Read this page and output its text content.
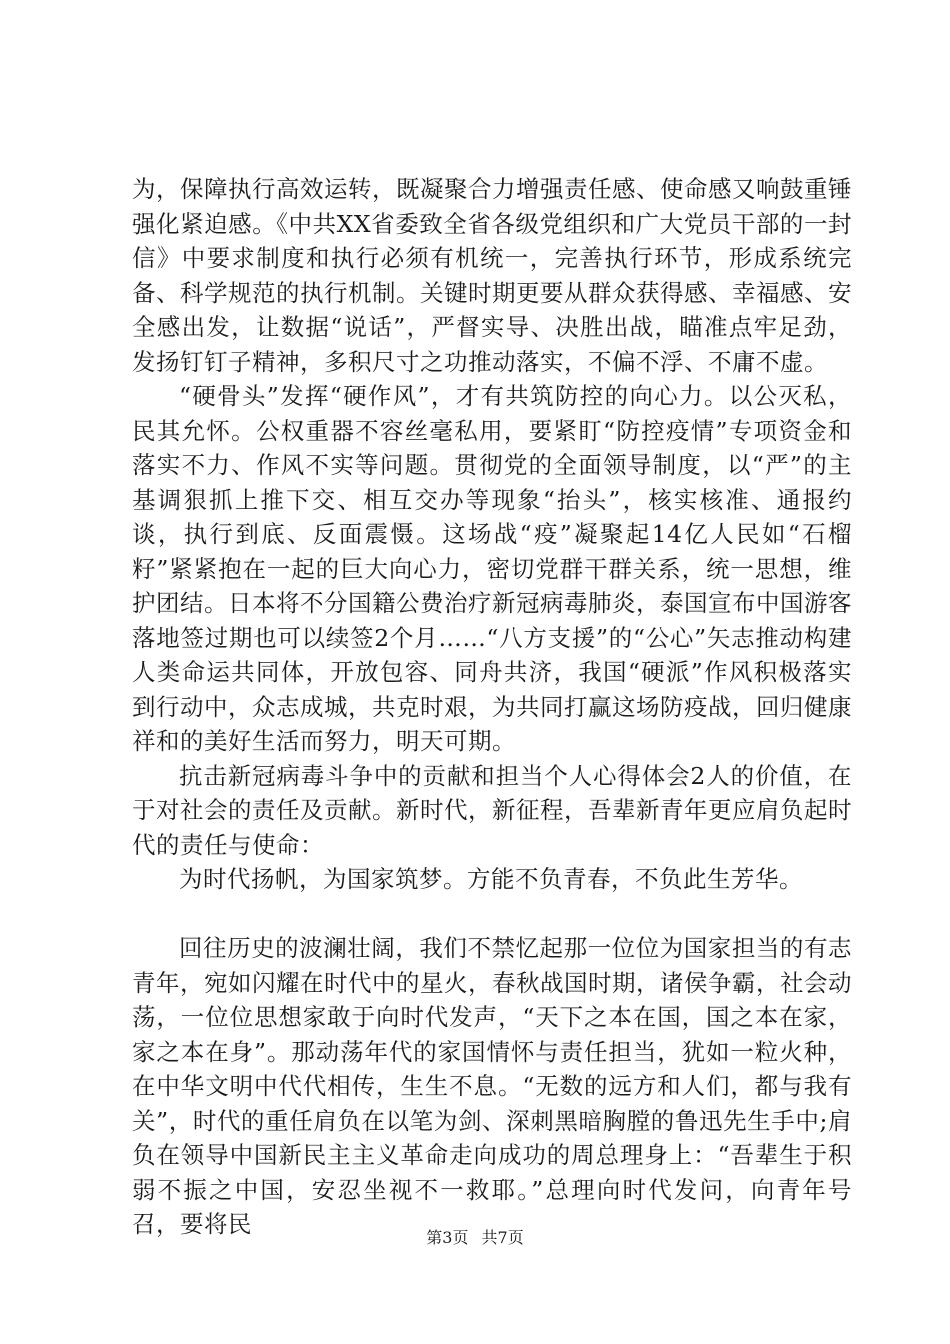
为，保障执行高效运转，既凝聚合力增强责任感、使命感又响鼓重锤强化紧迫感。《中共XX省委致全省各级党组织和广大党员干部的一封信》中要求制度和执行必须有机统一，完善执行环节，形成系统完备、科学规范的执行机制。关键时期更要从群众获得感、幸福感、安全感出发，让数据“说话”，严督实导、决胜出战，瞄准点牢足劲，发扬钉钉子精神，多积尺寸之功推动落实，不偏不浮、不庸不虚。

“硬骨头”发挥“硬作风”，才有共筑防控的向心力。以公灭私，民其允怀。公权重器不容丝毫私用，要紧盯“防控疫情”专项资金和落实不力、作风不实等问题。贯彻党的全面领导制度，以“严”的主基调狠抓上推下交、相互交办等现象“抬头”，核实核准、通报约谈，执行到底、反面震慑。这场战“疫”凝聚起14亿人民如“石榴籽”紧紧抱在一起的巨大向心力，密切党群干群关系，统一思想，维护团结。日本将不分国籍公费治疗新冠病毒肺炎，泰国宣布中国游客落地签过期也可以续签2个月……“八方支援”的“公心”矢志推动构建人类命运共同体，开放包容、同舟共济，我国“硬派”作风积极落实到行动中，众志成城，共克时艰，为共同打赢这场防疫战，回归健康祥和的美好生活而努力，明天可期。

抗击新冠病毒斗争中的贡献和担当个人心得体会2人的价值，在于对社会的责任及贡献。新时代，新征程，吾辈新青年更应肩负起时代的责任与使命：

为时代扬帆，为国家筑梦。方能不负青春，不负此生芳华。

回往历史的波澜壮阔，我们不禁忆起那一位位为国家担当的有志青年，宛如闪耀在时代中的星火，春秋战国时期，诸侯争霸，社会动荡，一位位思想家敢于向时代发声，“天下之本在国，国之本在家，家之本在身”。那动荡年代的家国情怀与责任担当，犹如一粒火种，在中华文明中代代相传，生生不息。“无数的远方和人们，都与我有关”，时代的重任肩负在以笔为剑、深刺黑暗胸膛的鲁迅先生手中;肩负在领导中国新民主主义革命走向成功的周总理身上：“吾辈生于积弱不振之中国，安忍坐视不一救耶。”总理向时代发问，向青年号召，要将民	第3页 共7页
